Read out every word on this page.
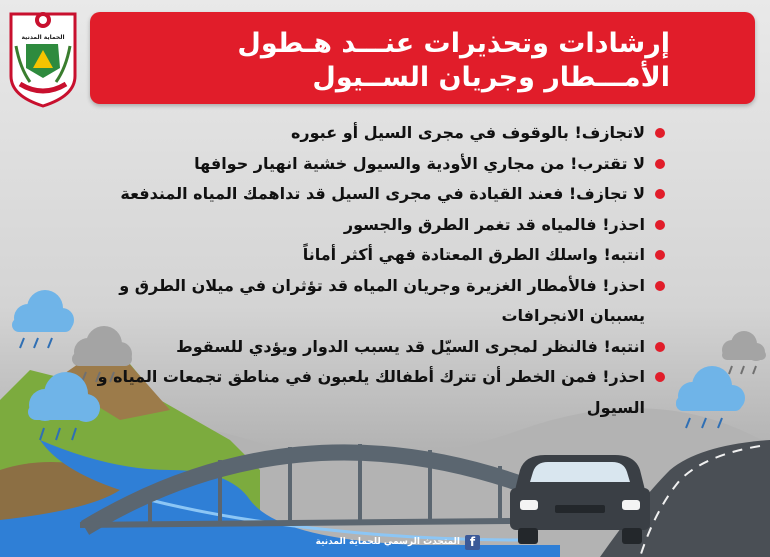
الحماية المدنية	إرشادات وتحذيرات عنـــد هـطول
الأمـــطار وجريان الســيول
لاتجازف! بالوقوف في مجرى السيل أو عبوره
لا تقترب! من مجاري الأودية والسيول خشية انهيار حوافها
لا تجازف! فعند القيادة في مجرى السيل قد تداهمك المياه المندفعة
احذر! فالمياه قد تغمر الطرق والجسور
انتبه! واسلك الطرق المعتادة فهي أكثر أماناً
احذر! فالأمطار الغزيرة وجريان المياه قد تؤثران في ميلان الطرق و يسببان الانجرافات
انتبه! فالنظر لمجرى السيّل قد يسبب الدوار ويؤدي للسقوط
احذر! فمن الخطر أن تترك أطفالك يلعبون في مناطق تجمعات المياه و السيول
المتحدث الرسمي للحماية المدنية f
